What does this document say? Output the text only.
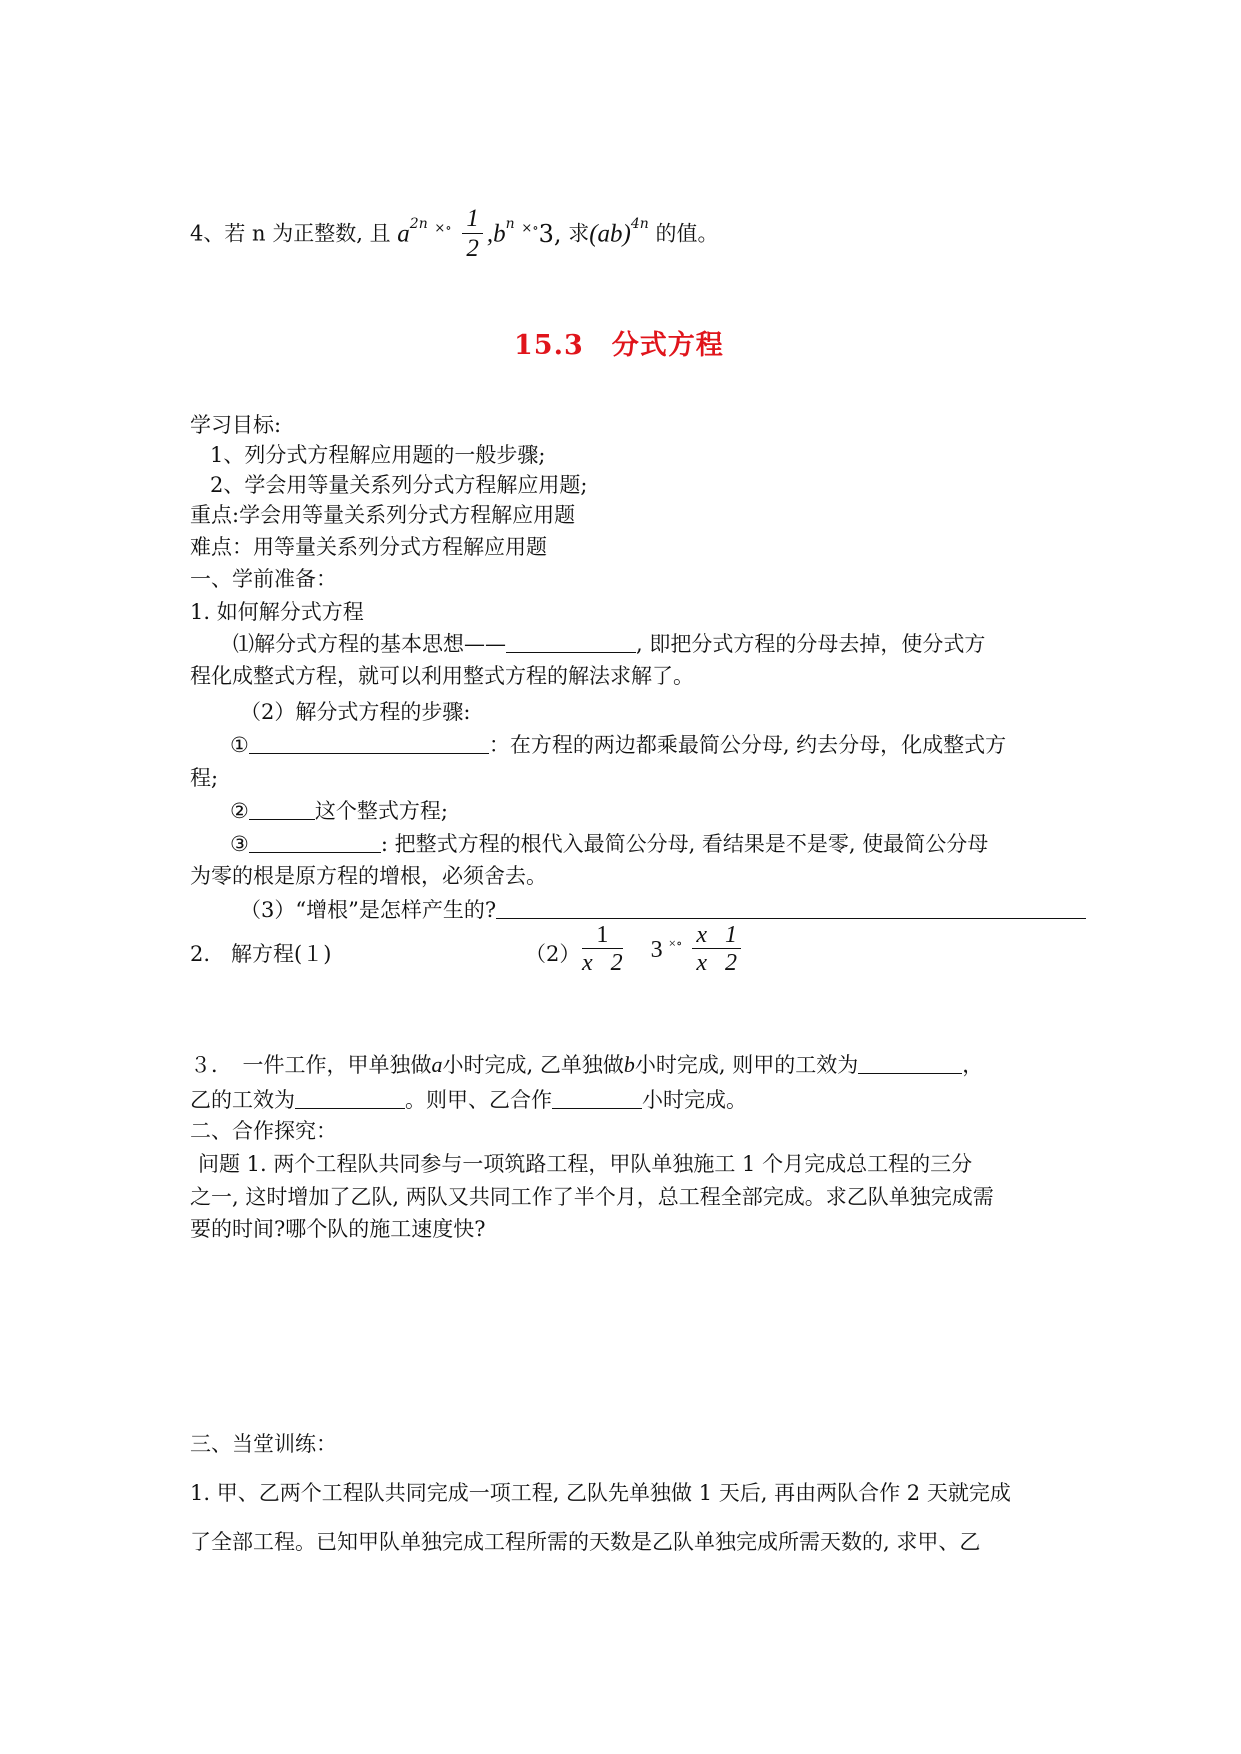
4、若 n 为正整数, 且 $a^{2n}$ $^{\times\circ} \frac{1}{2} ,b^n$ ×∘3, 求(ab)$^{4n}$ 的值。
15.3　分式方程
学习目标:
1、列分式方程解应用题的一般步骤;
2、学会用等量关系列分式方程解应用题;
重点:学会用等量关系列分式方程解应用题
难点：用等量关系列分式方程解应用题
一、学前准备：
1. 如何解分式方程
⑴解分式方程的基本思想——	, 即把分式方程的分母去掉，使分式方
程化成整式方程，就可以利用整式方程的解法求解了。
（2）解分式方程的步骤:
①	：在方程的两边都乘最简公分母, 约去分母，化成整式方
程;
②	这个整式方程;
③	: 把整式方程的根代入最简公分母, 看结果是不是零, 使最简公分母
为零的根是原方程的增根，必须舍去。
（3）“增根”是怎样产生的?
2.　解方程(１)	$(2) \frac{1}{x 2} 3$ $^{\times\circ} \frac{x 1}{x 2}$
３．　一件工作，甲单独做a小时完成, 乙单独做b小时完成, 则甲的工效为	，
乙的工效为	。则甲、乙合作	小时完成。
二、合作探究：
问题 1. 两个工程队共同参与一项筑路工程，甲队单独施工 1 个月完成总工程的三分
之一, 这时增加了乙队, 两队又共同工作了半个月，总工程全部完成。求乙队单独完成需
要的时间?哪个队的施工速度快?
三、当堂训练：
1. 甲、乙两个工程队共同完成一项工程, 乙队先单独做 1 天后, 再由两队合作 2 天就完成
了全部工程。已知甲队单独完成工程所需的天数是乙队单独完成所需天数的, 求甲、乙
